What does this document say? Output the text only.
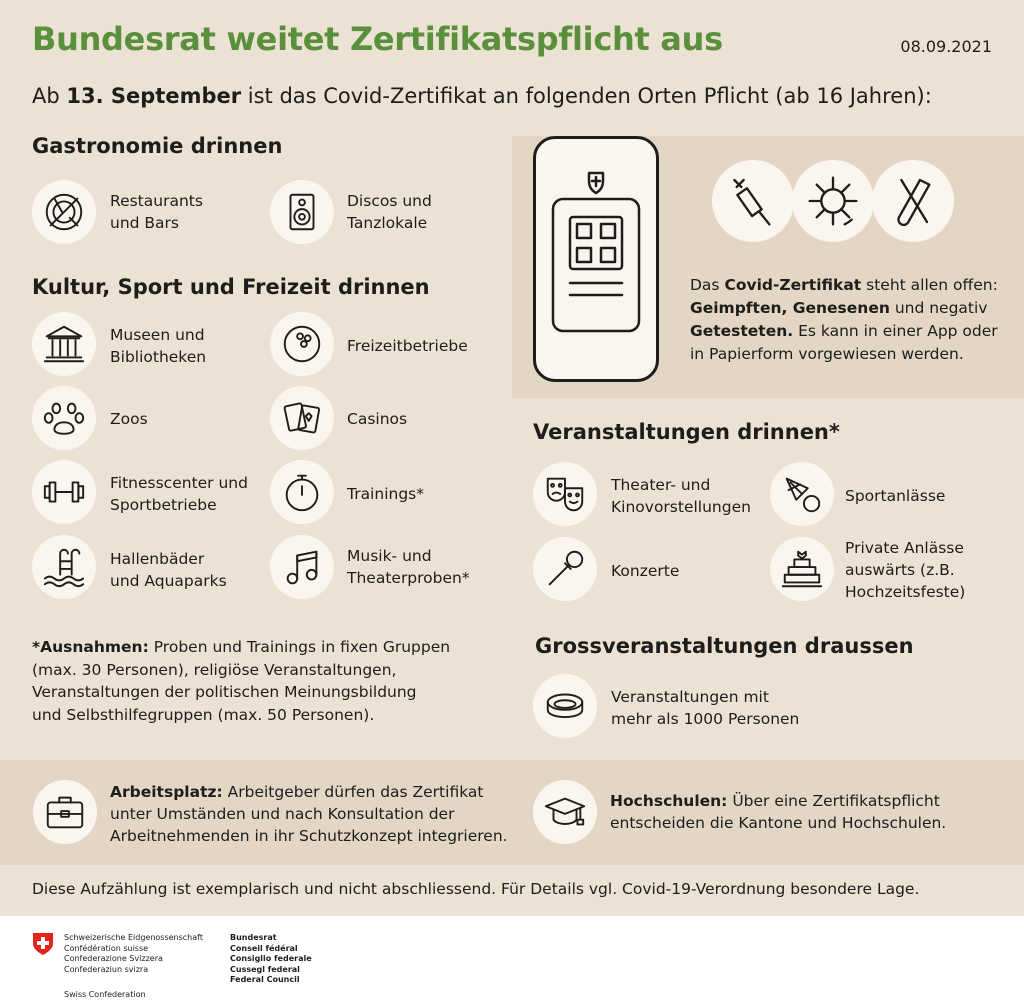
Bundesrat weitet Zertifikatspflicht aus	08.09.2021
Ab 13. September ist das Covid-Zertifikat an folgenden Orten Pflicht (ab 16 Jahren):
Gastronomie drinnen
Restaurants
und Bars
Discos und
Tanzlokale
Kultur, Sport und Freizeit drinnen
Museen und
Bibliotheken
Freizeitbetriebe
Zoos	Casinos
Fitnesscenter und
Sportbetriebe
Trainings*
Hallenbäder
und Aquaparks
Musik- und
Theaterproben*
*Ausnahmen: Proben und Trainings in fixen Gruppen
(max. 30 Personen), religiöse Veranstaltungen,
Veranstaltungen der politischen Meinungsbildung
und Selbsthilfegruppen (max. 50 Personen).
Das Covid-Zertifikat steht allen offen:
Geimpften, Genesenen und negativ
Getesteten. Es kann in einer App oder
in Papierform vorgewiesen werden.
Veranstaltungen drinnen*
Theater- und
Kinovorstellungen
Sportanlässe
Konzerte
Private Anlässe
auswärts (z.B.
Hochzeitsfeste)
Grossveranstaltungen draussen
Veranstaltungen mit
mehr als 1000 Personen
Arbeitsplatz: Arbeitgeber dürfen das Zertifikat
unter Umständen und nach Konsultation der
Arbeitnehmenden in ihr Schutzkonzept integrieren.
Hochschulen: Über eine Zertifikatspflicht
entscheiden die Kantone und Hochschulen.
Diese Aufzählung ist exemplarisch und nicht abschliessend. Für Details vgl. Covid-19-Verordnung besondere Lage.
Schweizerische Eidgenossenschaft
Confédération suisse
Confederazione Svizzera
Confederaziun svizra
Swiss Confederation
Bundesrat
Conseil fédéral
Consiglio federale
Cussegl federal
Federal Council
